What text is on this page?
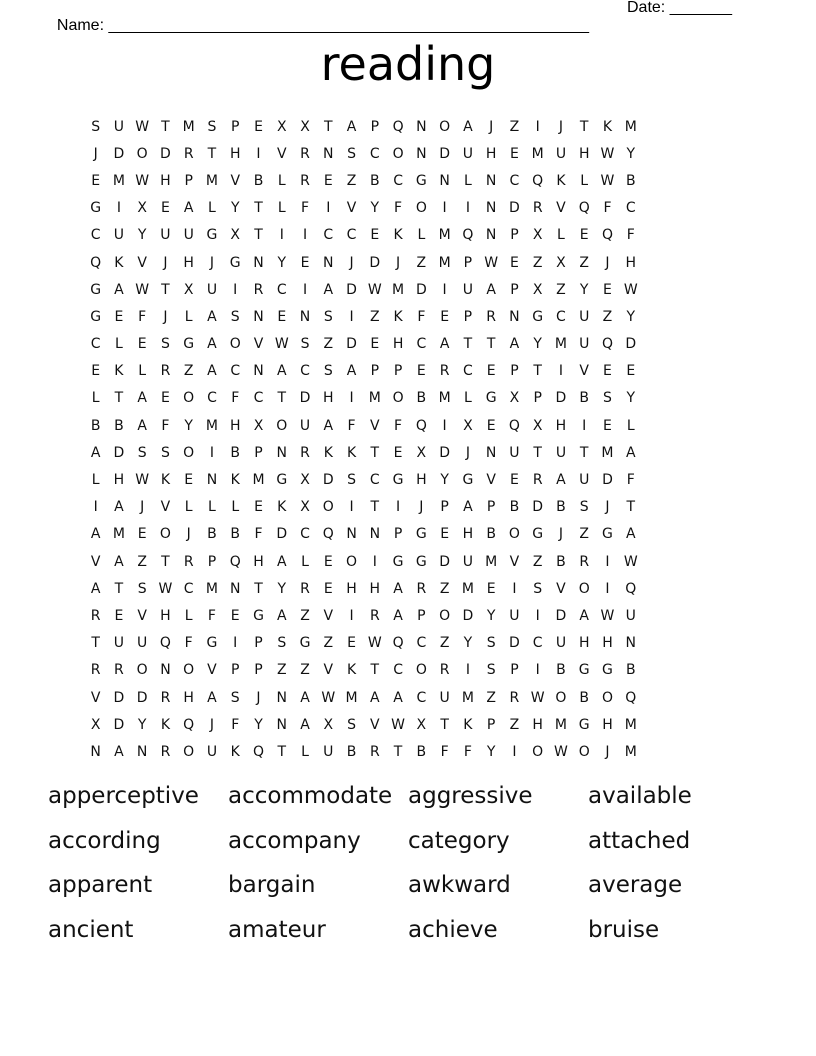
Name: ______________________________________________________

Date: _______

reading
S U W T M S	P	E	X X	T	A	P Q N O A	J	Z	I	J	T	K M
J	D O D R	T H	I	V R N S C O N D U H E M U H W Y
E M W H P M V B	L	R E	Z B C G N	L	N C Q K	L W B
G	I	X	E	A	L	Y	T	L	F	I	V	Y	F O	I	I	N D R V Q F	C
C U Y U U G X	T	I	I	C C E	K	L M Q N P	X	L	E Q F
Q K V	J	H	J	G N Y	E N	J	D	J	Z M P W E	Z X Z	J	H
G A W T	X U	I	R C	I	A D W M D	I	U A	P	X Z	Y	E W
G E	F	J	L	A	S N E N S	I	Z K	F	E	P	R N G C U Z	Y
C	L	E	S G A O V W S	Z D E H C A	T	T	A	Y M U Q D
E	K	L	R Z A C N A C S	A	P	P	E R C E	P	T	I	V	E	E
L	T	A	E O C	F	C	T D H	I	M O B M L G X	P D B	S	Y
B B A	F	Y M H X O U A	F	V	F Q	I	X	E Q X H	I	E	L
A D S	S O	I	B	P N R K	K	T	E	X D	J	N U T U T M A
L	H W K	E N K M G X D S C G H Y G V	E R A U D F
I	A	J	V	L	L	L	E	K X O	I	T	I	J	P	A	P	B D B	S	J	T
A M E O	J	B B	F D C Q N N P G E H B O G	J	Z G A
V A Z	T	R	P Q H A	L	E O	I	G G D U M V Z B R	I	W
A	T	S W C M N T	Y	R E H H A R Z M E	I	S	V O	I	Q
R E	V H	L	F	E G A Z V	I	R A	P O D Y U	I	D A W U
T U U Q F G	I	P	S G Z	E W Q C Z	Y	S D C U H H N
R R O N O V	P	P	Z Z V K	T	C O R	I	S	P	I	B G G B
V D D R H A	S	J	N A W M A A C U M Z R W O B O Q
X D Y	K Q	J	F	Y N A X	S	V W X	T	K	P	Z H M G H M
N A N R O U K Q T	L	U B R	T	B	F	F	Y	I	O W O	J	M
apperceptive	accommodate aggressive	available
according	accompany	category	attached
apparent	bargain	awkward	average
ancient	amateur	achieve	bruise
